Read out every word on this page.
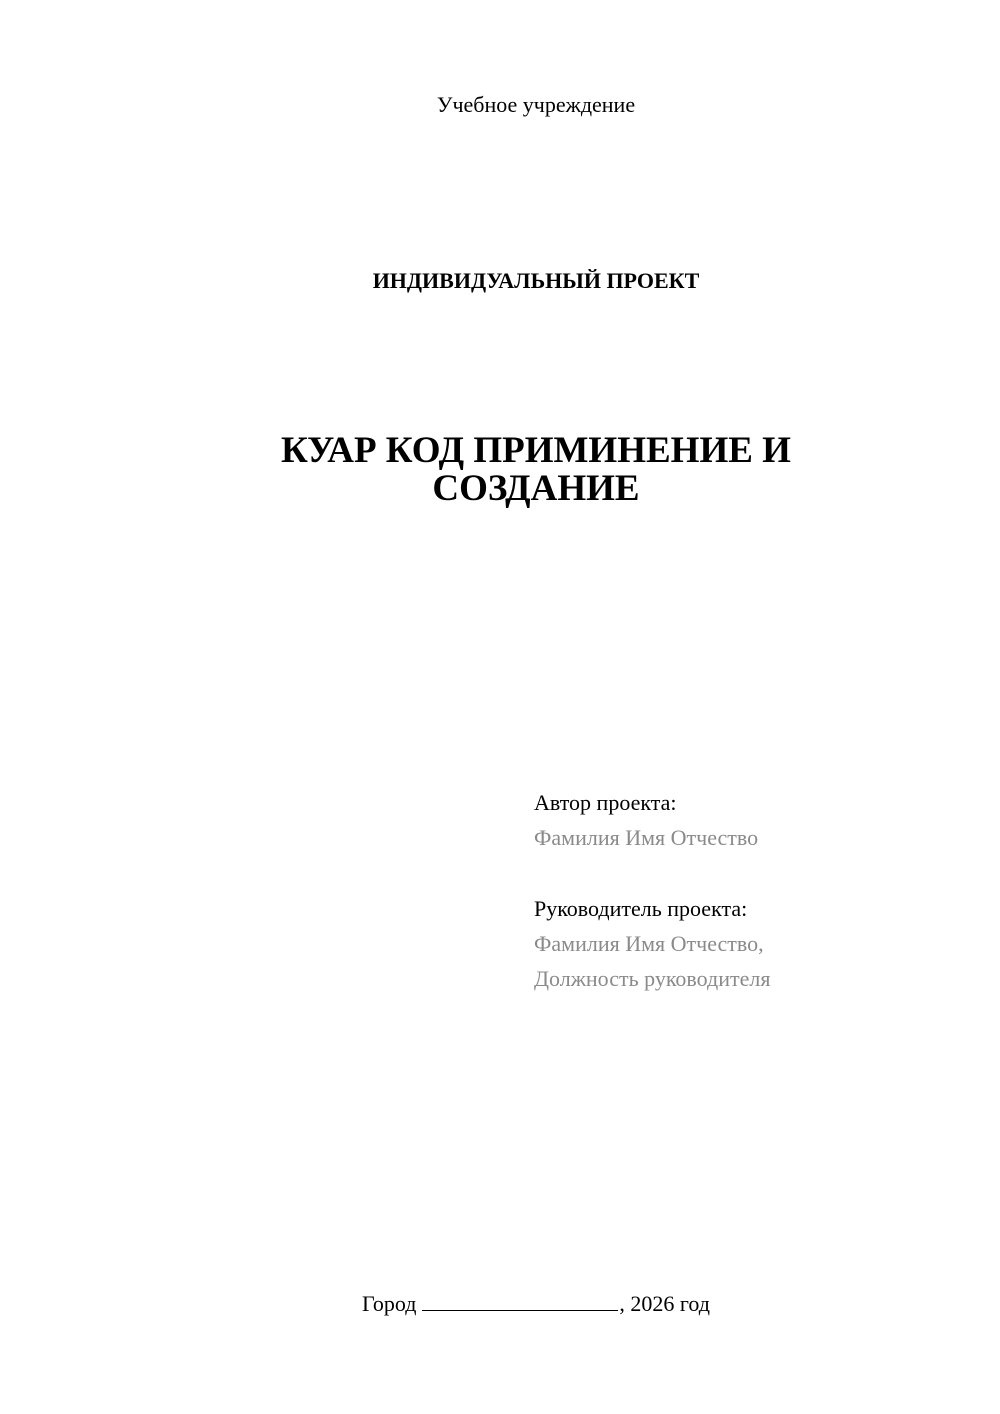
Учебное учреждение
ИНДИВИДУАЛЬНЫЙ ПРОЕКТ
КУАР КОД ПРИМИНЕНИЕ И
СОЗДАНИЕ
Автор проекта:
Фамилия Имя Отчество
Руководитель проекта:
Фамилия Имя Отчество,
Должность руководителя
Город	, 2026 год
